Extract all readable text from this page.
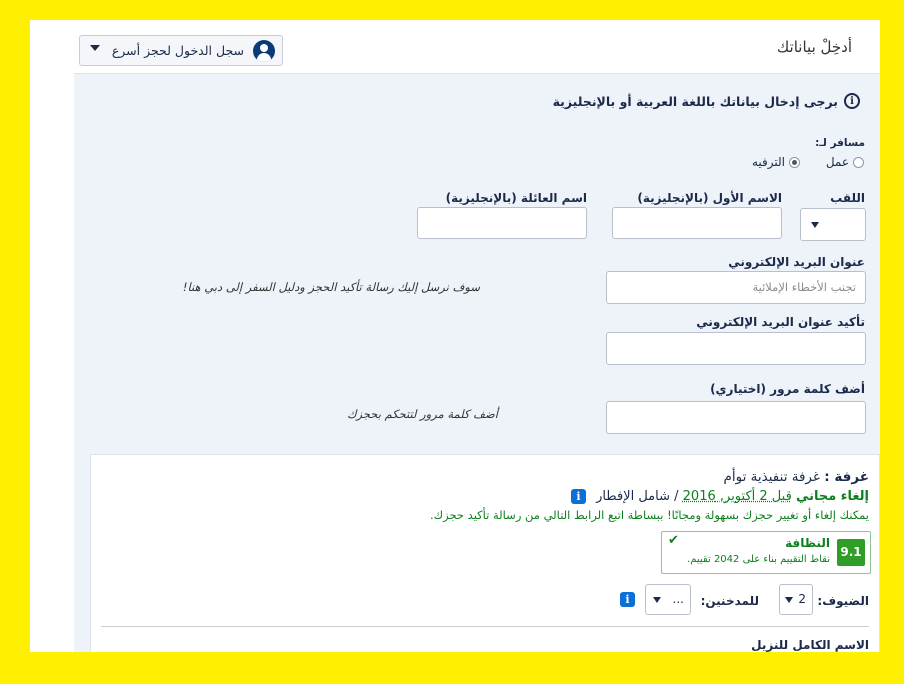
أدخِلْ بياناتك
سجل الدخول لحجز أسرع
i
برجى إدخال بياناتك باللغة العربية أو بالإنجليزية
مسافر لـ:
عمل
الترفيه
اللقب
الاسم الأول (بالإنجليزية)
اسم العائلة (بالإنجليزية)
عنوان البريد الإلكتروني
تجنب الأخطاء الإملائية
سوف نرسل إليك رسالة تأكيد الحجز ودليل السفر إلى دبي هنا!
تأكيد عنوان البريد الإلكتروني
أضف كلمة مرور (اختياري)
أضف كلمة مرور لتتحكم بحجزك
غرفة : غرفة تنفيذية توأم
إلغاء مجاني قبل 2 أكتوبر, 2016 / شامل الإفطار i
يمكنك إلغاء أو تغيير حجزك بسهولة ومجانًا! ببساطة اتبع الرابط التالي من رسالة تأكيد حجزك.
9.1
النظافة
✔
نقاط التقييم بناء على 2042 تقييم.
الضيوف:
2
للمدخنين:
...
i
الاسم الكامل للنزيل
